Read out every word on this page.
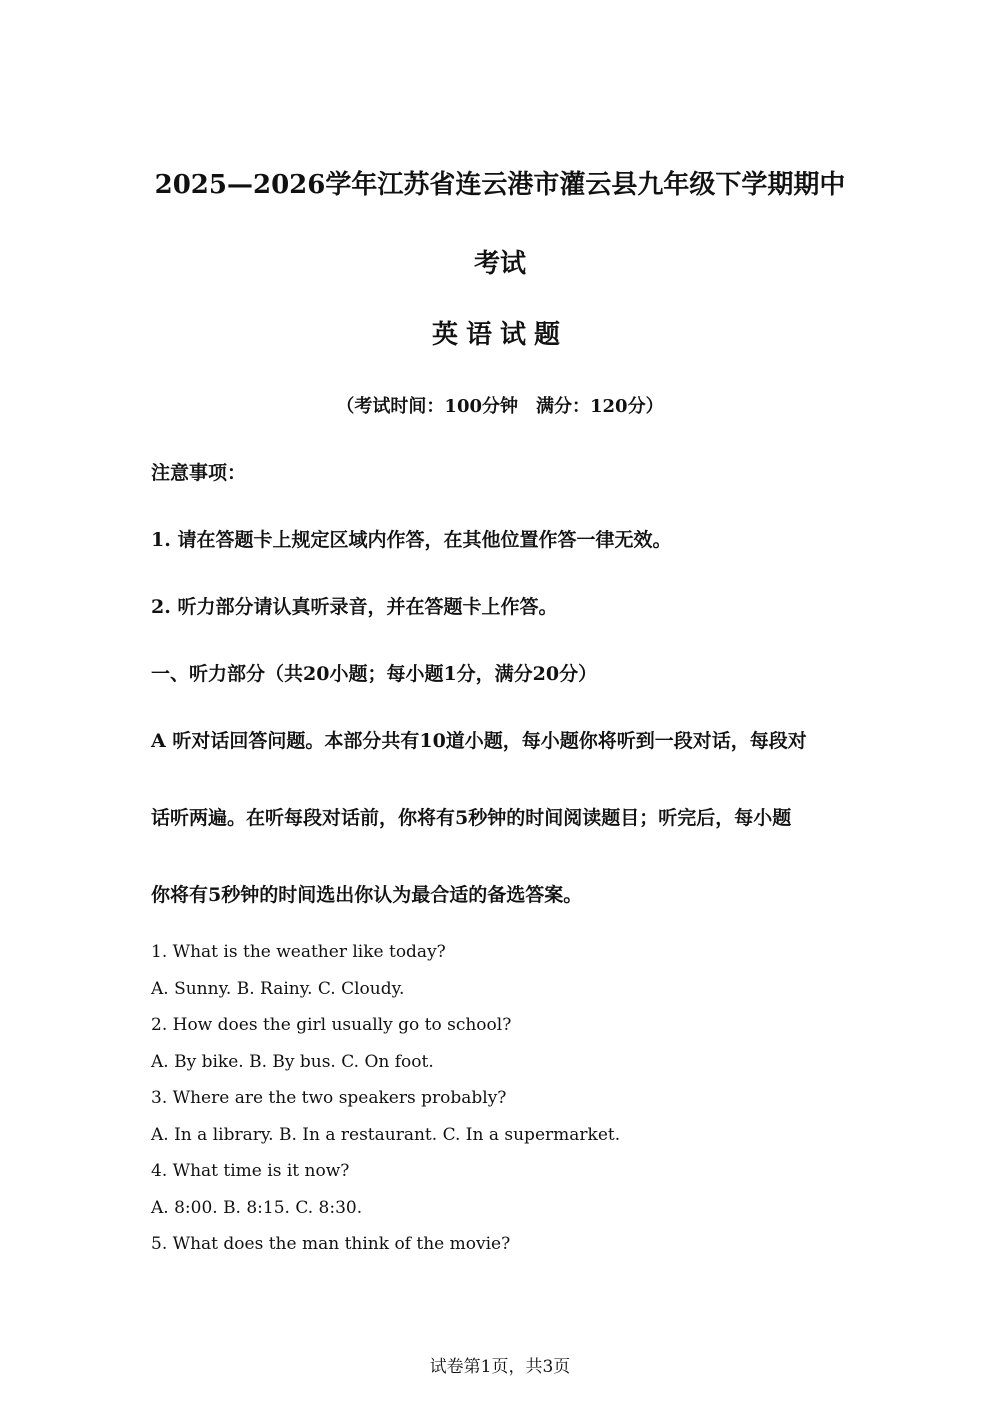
2025—2026学年江苏省连云港市灌云县九年级下学期期中
考试
英语试题

（考试时间：100分钟　满分：120分）

注意事项：

1. 请在答题卡上规定区域内作答，在其他位置作答一律无效。

2. 听力部分请认真听录音，并在答题卡上作答。

一、听力部分（共20小题；每小题1分，满分20分）

A 听对话回答问题。本部分共有10道小题，每小题你将听到一段对话，每段对
话听两遍。在听每段对话前，你将有5秒钟的时间阅读题目；听完后，每小题
你将有5秒钟的时间选出你认为最合适的备选答案。
1. What is the weather like today?
A. Sunny. B. Rainy. C. Cloudy.
2. How does the girl usually go to school?
A. By bike. B. By bus. C. On foot.
3. Where are the two speakers probably?
A. In a library. B. In a restaurant. C. In a supermarket.
4. What time is it now?
A. 8:00. B. 8:15. C. 8:30.
5. What does the man think of the movie?

试卷第1页，共3页
